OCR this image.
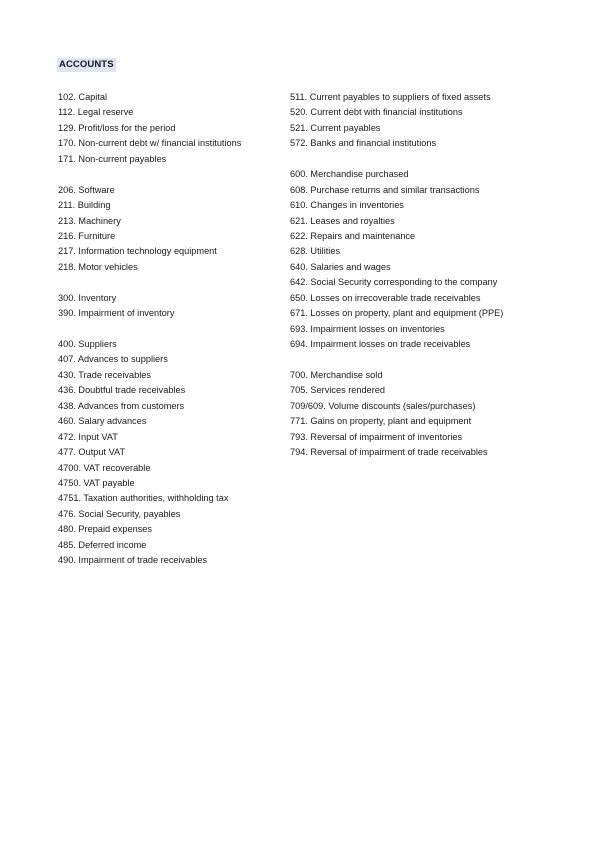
ACCOUNTS
102. Capital
112. Legal reserve
129. Profit/loss for the period
170. Non-current debt w/ financial institutions
171. Non-current payables
206. Software
211. Building
213. Machinery
216. Furniture
217. Information technology equipment
218. Motor vehicles
300. Inventory
390. Impairment of inventory
400. Suppliers
407. Advances to suppliers
430. Trade receivables
436. Doubtful trade receivables
438. Advances from customers
460. Salary advances
472. Input VAT
477. Output VAT
4700. VAT recoverable
4750. VAT payable
4751. Taxation authorities, withholding tax
476. Social Security, payables
480. Prepaid expenses
485. Deferred income
490. Impairment of trade receivables
511. Current payables to suppliers of fixed assets
520. Current debt with financial institutions
521. Current payables
572. Banks and financial institutions
600. Merchandise purchased
608. Purchase returns and similar transactions
610. Changes in inventories
621. Leases and royalties
622. Repairs and maintenance
628. Utilities
640. Salaries and wages
642. Social Security corresponding to the company
650. Losses on irrecoverable trade receivables
671. Losses on property, plant and equipment (PPE)
693. Impairment losses on inventories
694. Impairment losses on trade receivables
700. Merchandise sold
705. Services rendered
709/609. Volume discounts (sales/purchases)
771. Gains on property, plant and equipment
793. Reversal of impairment of inventories
794. Reversal of impairment of trade receivables
